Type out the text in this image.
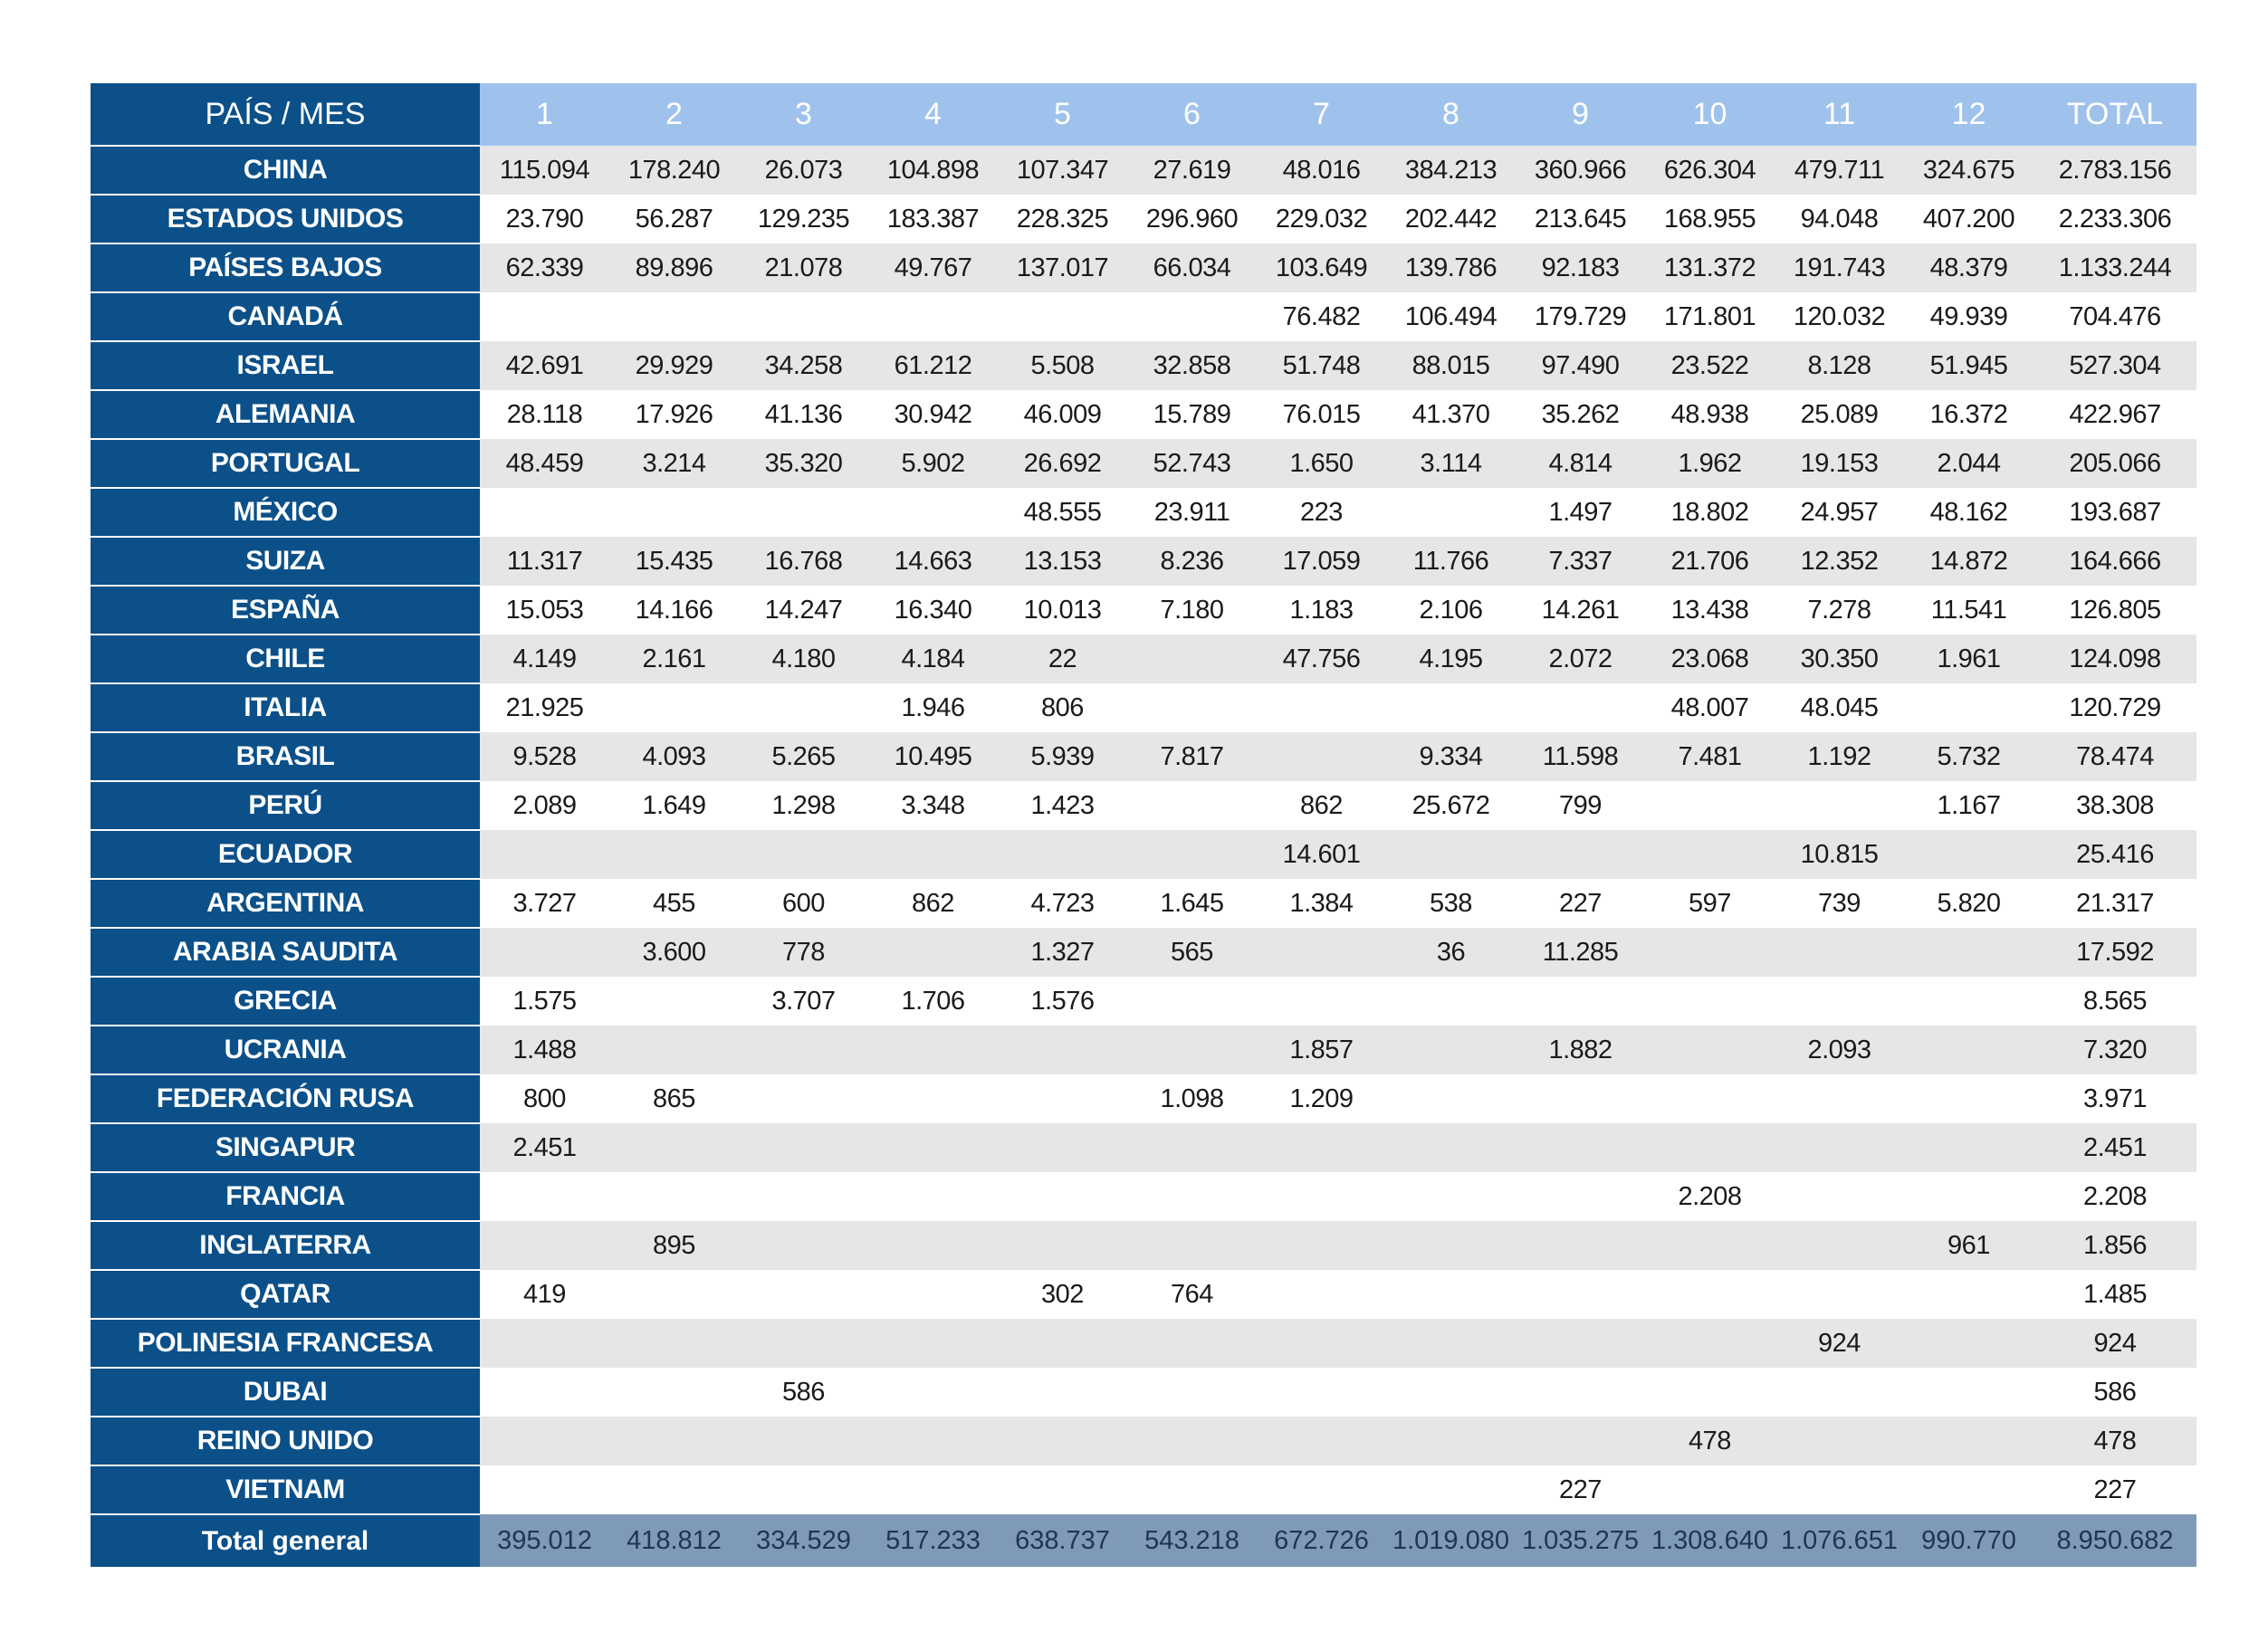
PAÍS / MES	1	2	3	4	5	6	7	8	9	10	11	12	TOTAL
CHINA	115.094	178.240	26.073	104.898	107.347	27.619	48.016	384.213	360.966	626.304	479.711	324.675	2.783.156
ESTADOS UNIDOS	23.790	56.287	129.235	183.387	228.325	296.960	229.032	202.442	213.645	168.955	94.048	407.200	2.233.306
PAÍSES BAJOS	62.339	89.896	21.078	49.767	137.017	66.034	103.649	139.786	92.183	131.372	191.743	48.379	1.133.244
CANADÁ							76.482	106.494	179.729	171.801	120.032	49.939	704.476
ISRAEL	42.691	29.929	34.258	61.212	5.508	32.858	51.748	88.015	97.490	23.522	8.128	51.945	527.304
ALEMANIA	28.118	17.926	41.136	30.942	46.009	15.789	76.015	41.370	35.262	48.938	25.089	16.372	422.967
PORTUGAL	48.459	3.214	35.320	5.902	26.692	52.743	1.650	3.114	4.814	1.962	19.153	2.044	205.066
MÉXICO					48.555	23.911	223		1.497	18.802	24.957	48.162	193.687
SUIZA	11.317	15.435	16.768	14.663	13.153	8.236	17.059	11.766	7.337	21.706	12.352	14.872	164.666
ESPAÑA	15.053	14.166	14.247	16.340	10.013	7.180	1.183	2.106	14.261	13.438	7.278	11.541	126.805
CHILE	4.149	2.161	4.180	4.184	22		47.756	4.195	2.072	23.068	30.350	1.961	124.098
ITALIA	21.925			1.946	806					48.007	48.045		120.729
BRASIL	9.528	4.093	5.265	10.495	5.939	7.817		9.334	11.598	7.481	1.192	5.732	78.474
PERÚ	2.089	1.649	1.298	3.348	1.423		862	25.672	799			1.167	38.308
ECUADOR							14.601				10.815		25.416
ARGENTINA	3.727	455	600	862	4.723	1.645	1.384	538	227	597	739	5.820	21.317
ARABIA SAUDITA		3.600	778		1.327	565		36	11.285				17.592
GRECIA	1.575		3.707	1.706	1.576								8.565
UCRANIA	1.488						1.857		1.882		2.093		7.320
FEDERACIÓN RUSA	800	865				1.098	1.209						3.971
SINGAPUR	2.451												2.451
FRANCIA										2.208			2.208
INGLATERRA		895										961	1.856
QATAR	419				302	764							1.485
POLINESIA FRANCESA											924		924
DUBAI			586										586
REINO UNIDO										478			478
VIETNAM									227				227
Total general	395.012	418.812	334.529	517.233	638.737	543.218	672.726	1.019.080	1.035.275	1.308.640	1.076.651	990.770	8.950.682
